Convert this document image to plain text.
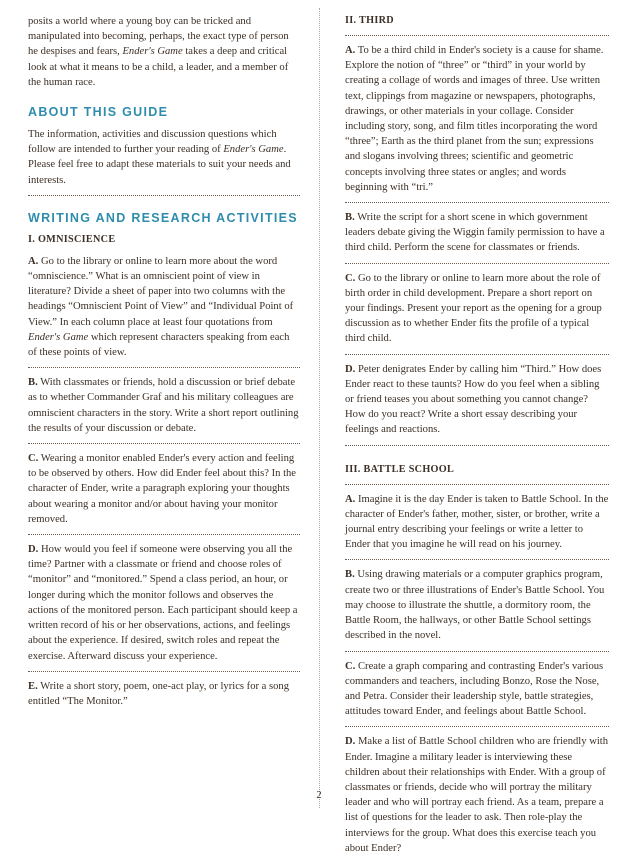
posits a world where a young boy can be tricked and manipulated into becoming, perhaps, the exact type of person he despises and fears, Ender's Game takes a deep and critical look at what it means to be a child, a leader, and a member of the human race.

ABOUT THIS GUIDE

The information, activities and discussion questions which follow are intended to further your reading of Ender's Game. Please feel free to adapt these materials to suit your needs and interests.

WRITING AND RESEARCH ACTIVITIES
I. OMNISCIENCE

A. Go to the library or online to learn more about the word “omniscience.” What is an omniscient point of view in literature? Divide a sheet of paper into two columns with the headings “Omniscient Point of View” and “Individual Point of View.” In each column place at least four quotations from Ender's Game which represent characters speaking from each of these points of view.

B. With classmates or friends, hold a discussion or brief debate as to whether Commander Graf and his military colleagues are omniscient characters in the story. Write a short report outlining the results of your discussion or debate.

C. Wearing a monitor enabled Ender's every action and feeling to be observed by others. How did Ender feel about this? In the character of Ender, write a paragraph exploring your thoughts about wearing a monitor and/or about having your monitor removed.

D. How would you feel if someone were observing you all the time? Partner with a classmate or friend and choose roles of “monitor” and “monitored.” Spend a class period, an hour, or longer during which the monitor follows and observes the actions of the monitored person. Each participant should keep a written record of his or her observations, actions, and feelings about the experience. If desired, switch roles and repeat the exercise. Afterward discuss your experience.

E. Write a short story, poem, one-act play, or lyrics for a song entitled “The Monitor.”

II. THIRD

A. To be a third child in Ender's society is a cause for shame. Explore the notion of “three” or “third” in your world by creating a collage of words and images of three. Use written text, clippings from magazine or newspapers, photographs, drawings, or other materials in your collage. Consider including story, song, and film titles incorporating the word “three”; Earth as the third planet from the sun; expressions and slogans involving threes; scientific and geometric concepts involving three states or angles; and words beginning with “tri.”

B. Write the script for a short scene in which government leaders debate giving the Wiggin family permission to have a third child. Perform the scene for classmates or friends.

C. Go to the library or online to learn more about the role of birth order in child development. Prepare a short report on your findings. Present your report as the opening for a group discussion as to whether Ender fits the profile of a typical third child.

D. Peter denigrates Ender by calling him “Third.” How does Ender react to these taunts? How do you feel when a sibling or friend teases you about something you cannot change? How do you react? Write a short essay describing your feelings and reactions.

III. BATTLE SCHOOL

A. Imagine it is the day Ender is taken to Battle School. In the character of Ender's father, mother, sister, or brother, write a journal entry describing your feelings or write a letter to Ender that you imagine he will read on his journey.

B. Using drawing materials or a computer graphics program, create two or three illustrations of Ender's Battle School. You may choose to illustrate the shuttle, a dormitory room, the Battle Room, the hallways, or other Battle School settings described in the novel.

C. Create a graph comparing and contrasting Ender's various commanders and teachers, including Bonzo, Rose the Nose, and Petra. Consider their leadership style, battle strategies, attitudes toward Ender, and feelings about Battle School.

D. Make a list of Battle School children who are friendly with Ender. Imagine a military leader is interviewing these children about their relationships with Ender. With a group of classmates or friends, decide who will portray the military leader and who will portray each friend. As a team, prepare a list of questions for the leader to ask. Then role-play the interviews for the group. What does this exercise teach you about Ender?

2
